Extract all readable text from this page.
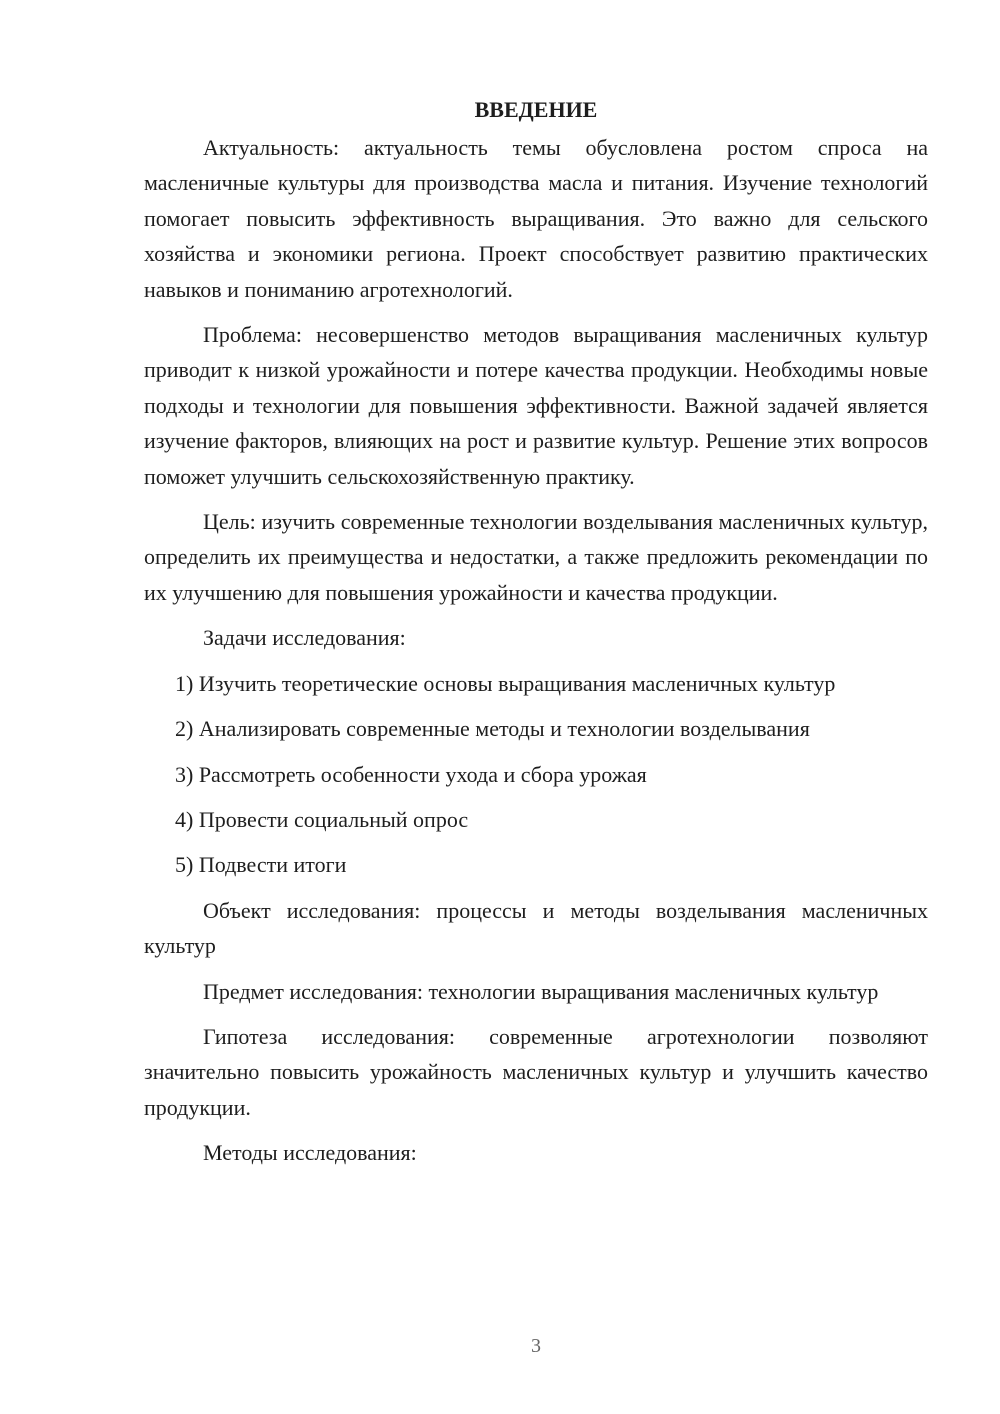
ВВЕДЕНИЕ

Актуальность: актуальность темы обусловлена ростом спроса на масленичные культуры для производства масла и питания. Изучение технологий помогает повысить эффективность выращивания. Это важно для сельского хозяйства и экономики региона. Проект способствует развитию практических навыков и пониманию агротехнологий.

Проблема: несовершенство методов выращивания масленичных культур приводит к низкой урожайности и потере качества продукции. Необходимы новые подходы и технологии для повышения эффективности. Важной задачей является изучение факторов, влияющих на рост и развитие культур. Решение этих вопросов поможет улучшить сельскохозяйственную практику.

Цель: изучить современные технологии возделывания масленичных культур, определить их преимущества и недостатки, а также предложить рекомендации по их улучшению для повышения урожайности и качества продукции.

Задачи исследования:
1) Изучить теоретические основы выращивания масленичных культур
2) Анализировать современные методы и технологии возделывания
3) Рассмотреть особенности ухода и сбора урожая
4) Провести социальный опрос
5) Подвести итоги

Объект исследования: процессы и методы возделывания масленичных культур

Предмет исследования: технологии выращивания масленичных культур

Гипотеза исследования: современные агротехнологии позволяют значительно повысить урожайность масленичных культур и улучшить качество продукции.

Методы исследования:
3
